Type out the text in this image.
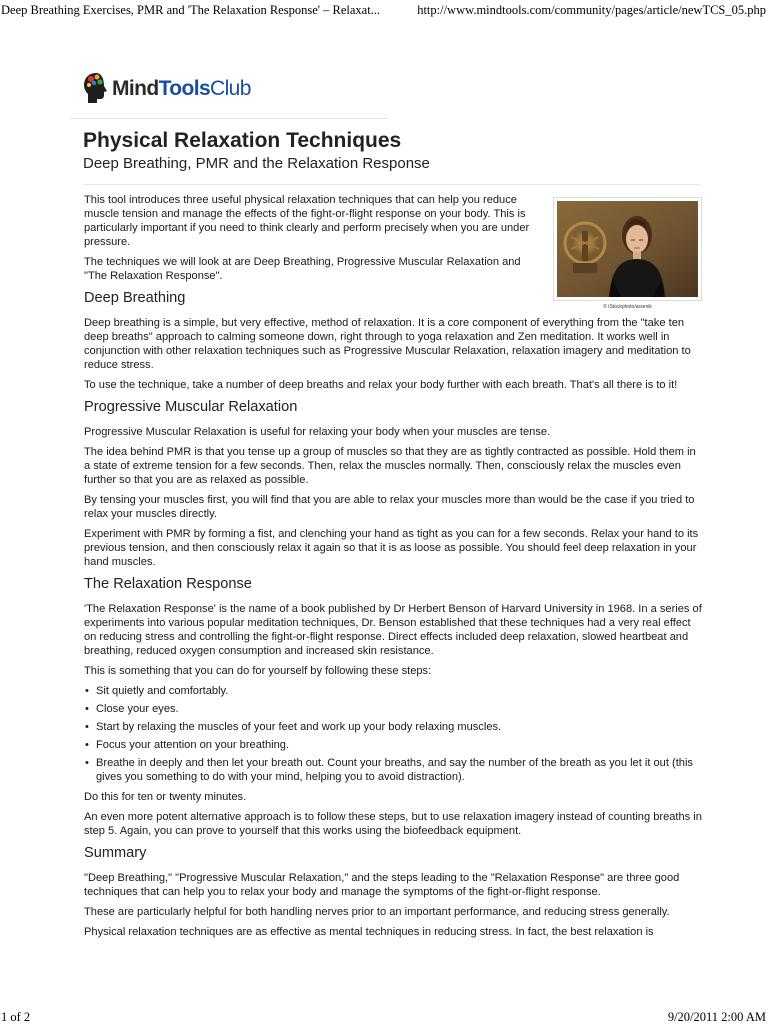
Deep Breathing Exercises, PMR and 'The Relaxation Response' – Relaxat...	http://www.mindtools.com/community/pages/article/newTCS_05.php
MindToolsClub
Physical Relaxation Techniques
Deep Breathing, PMR and the Relaxation Response
© iStockphoto/arsenik

This tool introduces three useful physical relaxation techniques that can help you reduce muscle tension and manage the effects of the fight-or-flight response on your body. This is particularly important if you need to think clearly and perform precisely when you are under pressure.

The techniques we will look at are Deep Breathing, Progressive Muscular Relaxation and "The Relaxation Response".

Deep Breathing

Deep breathing is a simple, but very effective, method of relaxation. It is a core component of everything from the "take ten deep breaths" approach to calming someone down, right through to yoga relaxation and Zen meditation. It works well in conjunction with other relaxation techniques such as Progressive Muscular Relaxation, relaxation imagery and meditation to reduce stress.

To use the technique, take a number of deep breaths and relax your body further with each breath. That's all there is to it!

Progressive Muscular Relaxation

Progressive Muscular Relaxation is useful for relaxing your body when your muscles are tense.

The idea behind PMR is that you tense up a group of muscles so that they are as tightly contracted as possible. Hold them in a state of extreme tension for a few seconds. Then, relax the muscles normally. Then, consciously relax the muscles even further so that you are as relaxed as possible.

By tensing your muscles first, you will find that you are able to relax your muscles more than would be the case if you tried to relax your muscles directly.

Experiment with PMR by forming a fist, and clenching your hand as tight as you can for a few seconds. Relax your hand to its previous tension, and then consciously relax it again so that it is as loose as possible. You should feel deep relaxation in your hand muscles.

The Relaxation Response

'The Relaxation Response' is the name of a book published by Dr Herbert Benson of Harvard University in 1968. In a series of experiments into various popular meditation techniques, Dr. Benson established that these techniques had a very real effect on reducing stress and controlling the fight-or-flight response. Direct effects included deep relaxation, slowed heartbeat and breathing, reduced oxygen consumption and increased skin resistance.

This is something that you can do for yourself by following these steps:

• Sit quietly and comfortably.
• Close your eyes.
• Start by relaxing the muscles of your feet and work up your body relaxing muscles.
• Focus your attention on your breathing.
• Breathe in deeply and then let your breath out. Count your breaths, and say the number of the breath as you let it out (this gives you something to do with your mind, helping you to avoid distraction).

Do this for ten or twenty minutes.

An even more potent alternative approach is to follow these steps, but to use relaxation imagery instead of counting breaths in step 5. Again, you can prove to yourself that this works using the biofeedback equipment.

Summary

"Deep Breathing," "Progressive Muscular Relaxation," and the steps leading to the "Relaxation Response" are three good techniques that can help you to relax your body and manage the symptoms of the fight-or-flight response.

These are particularly helpful for both handling nerves prior to an important performance, and reducing stress generally.

Physical relaxation techniques are as effective as mental techniques in reducing stress. In fact, the best relaxation is

1 of 2	9/20/2011 2:00 AM
